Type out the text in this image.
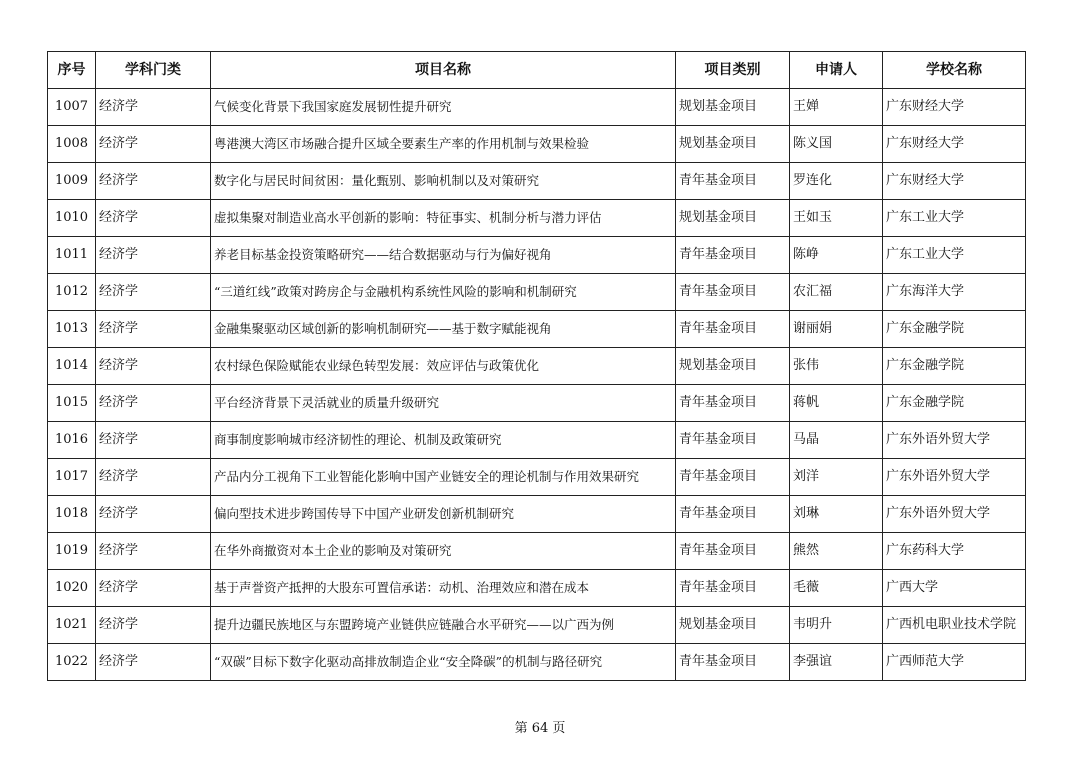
序号	学科门类	项目名称	项目类别	申请人	学校名称
1007	经济学	气候变化背景下我国家庭发展韧性提升研究	规划基金项目	王婵	广东财经大学
1008	经济学	粤港澳大湾区市场融合提升区域全要素生产率的作用机制与效果检验	规划基金项目	陈义国	广东财经大学
1009	经济学	数字化与居民时间贫困：量化甄别、影响机制以及对策研究	青年基金项目	罗连化	广东财经大学
1010	经济学	虚拟集聚对制造业高水平创新的影响：特征事实、机制分析与潜力评估	规划基金项目	王如玉	广东工业大学
1011	经济学	养老目标基金投资策略研究——结合数据驱动与行为偏好视角	青年基金项目	陈峥	广东工业大学
1012	经济学	“三道红线”政策对跨房企与金融机构系统性风险的影响和机制研究	青年基金项目	农汇福	广东海洋大学
1013	经济学	金融集聚驱动区域创新的影响机制研究——基于数字赋能视角	青年基金项目	谢丽娟	广东金融学院
1014	经济学	农村绿色保险赋能农业绿色转型发展：效应评估与政策优化	规划基金项目	张伟	广东金融学院
1015	经济学	平台经济背景下灵活就业的质量升级研究	青年基金项目	蒋帆	广东金融学院
1016	经济学	商事制度影响城市经济韧性的理论、机制及政策研究	青年基金项目	马晶	广东外语外贸大学
1017	经济学	产品内分工视角下工业智能化影响中国产业链安全的理论机制与作用效果研究	青年基金项目	刘洋	广东外语外贸大学
1018	经济学	偏向型技术进步跨国传导下中国产业研发创新机制研究	青年基金项目	刘琳	广东外语外贸大学
1019	经济学	在华外商撤资对本土企业的影响及对策研究	青年基金项目	熊然	广东药科大学
1020	经济学	基于声誉资产抵押的大股东可置信承诺：动机、治理效应和潜在成本	青年基金项目	毛薇	广西大学
1021	经济学	提升边疆民族地区与东盟跨境产业链供应链融合水平研究——以广西为例	规划基金项目	韦明升	广西机电职业技术学院
1022	经济学	“双碳”目标下数字化驱动高排放制造企业“安全降碳”的机制与路径研究	青年基金项目	李强谊	广西师范大学
第 64 页
